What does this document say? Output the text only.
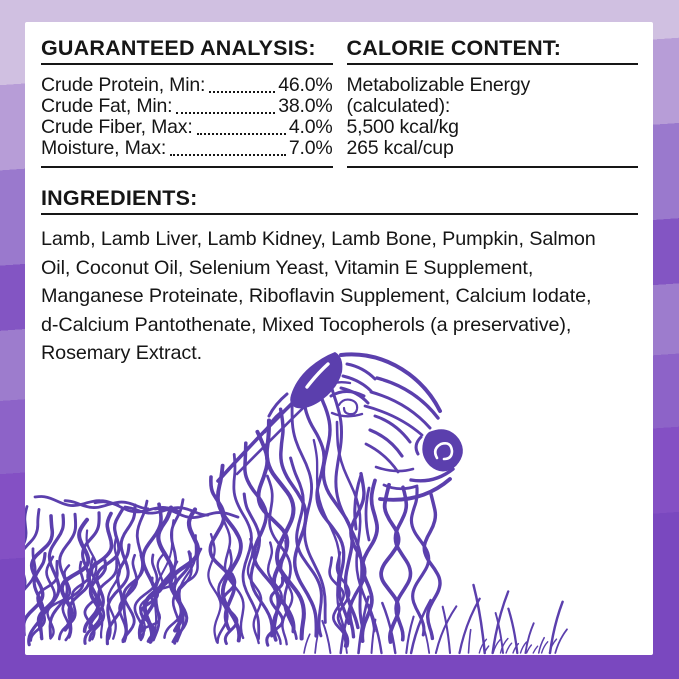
GUARANTEED ANALYSIS:
Crude Protein, Min:	46.0%
Crude Fat, Min:	38.0%
Crude Fiber, Max:	4.0%
Moisture, Max:	7.0%
CALORIE CONTENT:
Metabolizable Energy
(calculated):
5,500 kcal/kg
265 kcal/cup
INGREDIENTS:

Lamb, Lamb Liver, Lamb Kidney, Lamb Bone, Pumpkin, Salmon Oil, Coconut Oil, Selenium Yeast, Vitamin E Supplement, Manganese Proteinate, Riboflavin Supplement, Calcium Iodate, d-Calcium Pantothenate, Mixed Tocopherols (a preservative), Rosemary Extract.
